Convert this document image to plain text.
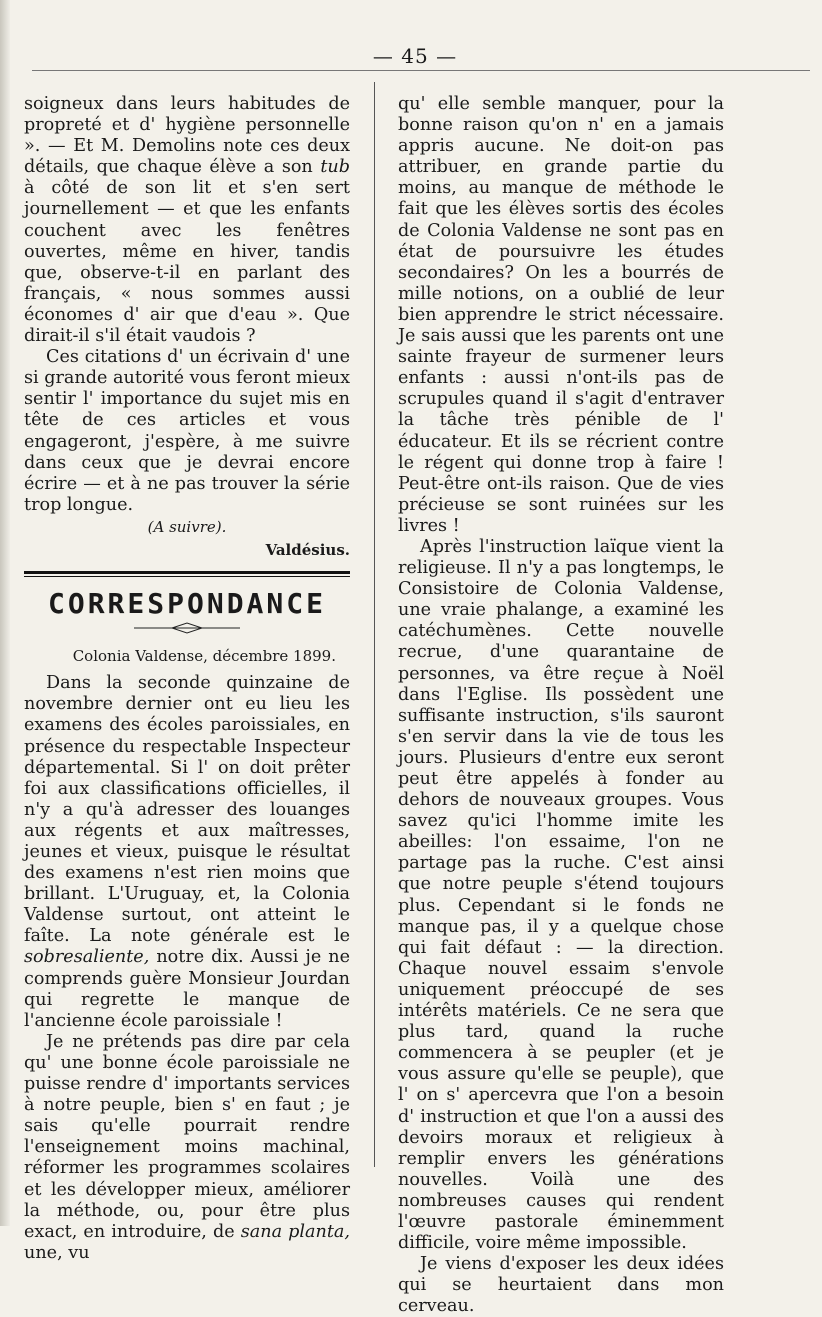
— 45 —

soigneux dans leurs habitudes de propreté et d' hygiène personnelle ». — Et M. Demolins note ces deux détails, que chaque élève a son tub à côté de son lit et s'en sert journellement — et que les enfants couchent avec les fenêtres ouvertes, même en hiver, tandis que, observe-t-il en parlant des français, « nous sommes aussi économes d' air que d'eau ». Que dirait-il s'il était vaudois ?

Ces citations d' un écrivain d' une si grande autorité vous feront mieux sentir l' importance du sujet mis en tête de ces articles et vous engageront, j'espère, à me suivre dans ceux que je devrai encore écrire — et à ne pas trouver la série trop longue.

(A suivre).
Valdésius.
CORRESPONDANCE
Colonia Valdense, décembre 1899.

Dans la seconde quinzaine de novembre dernier ont eu lieu les examens des écoles paroissiales, en présence du respectable Inspecteur départemental. Si l' on doit prêter foi aux classifications officielles, il n'y a qu'à adresser des louanges aux régents et aux maîtresses, jeunes et vieux, puisque le résultat des examens n'est rien moins que brillant. L'Uruguay, et, la Colonia Valdense surtout, ont atteint le faîte. La note générale est le sobresaliente, notre dix. Aussi je ne comprends guère Monsieur Jourdan qui regrette le manque de l'ancienne école paroissiale !

Je ne prétends pas dire par cela qu' une bonne école paroissiale ne puisse rendre d' importants services à notre peuple, bien s' en faut ; je sais qu'elle pourrait rendre l'enseignement moins machinal, réformer les programmes scolaires et les développer mieux, améliorer la méthode, ou, pour être plus exact, en introduire, de sana planta, une, vu

qu' elle semble manquer, pour la bonne raison qu'on n' en a jamais appris aucune. Ne doit-on pas attribuer, en grande partie du moins, au manque de méthode le fait que les élèves sortis des écoles de Colonia Valdense ne sont pas en état de poursuivre les études secondaires? On les a bourrés de mille notions, on a oublié de leur bien apprendre le strict nécessaire. Je sais aussi que les parents ont une sainte frayeur de surmener leurs enfants : aussi n'ont-ils pas de scrupules quand il s'agit d'entraver la tâche très pénible de l' éducateur. Et ils se récrient contre le régent qui donne trop à faire ! Peut-être ont-ils raison. Que de vies précieuse se sont ruinées sur les livres !

Après l'instruction laïque vient la religieuse. Il n'y a pas longtemps, le Consistoire de Colonia Valdense, une vraie phalange, a examiné les catéchumènes. Cette nouvelle recrue, d'une quarantaine de personnes, va être reçue à Noël dans l'Eglise. Ils possèdent une suffisante instruction, s'ils sauront s'en servir dans la vie de tous les jours. Plusieurs d'entre eux seront peut être appelés à fonder au dehors de nouveaux groupes. Vous savez qu'ici l'homme imite les abeilles: l'on essaime, l'on ne partage pas la ruche. C'est ainsi que notre peuple s'étend toujours plus. Cependant si le fonds ne manque pas, il y a quelque chose qui fait défaut : — la direction. Chaque nouvel essaim s'envole uniquement préoccupé de ses intérêts matériels. Ce ne sera que plus tard, quand la ruche commencera à se peupler (et je vous assure qu'elle se peuple), que l' on s' apercevra que l'on a besoin d' instruction et que l'on a aussi des devoirs moraux et religieux à remplir envers les générations nouvelles. Voilà une des nombreuses causes qui rendent l'œuvre pastorale éminemment difficile, voire même impossible.

Je viens d'exposer les deux idées qui se heurtaient dans mon cerveau.
